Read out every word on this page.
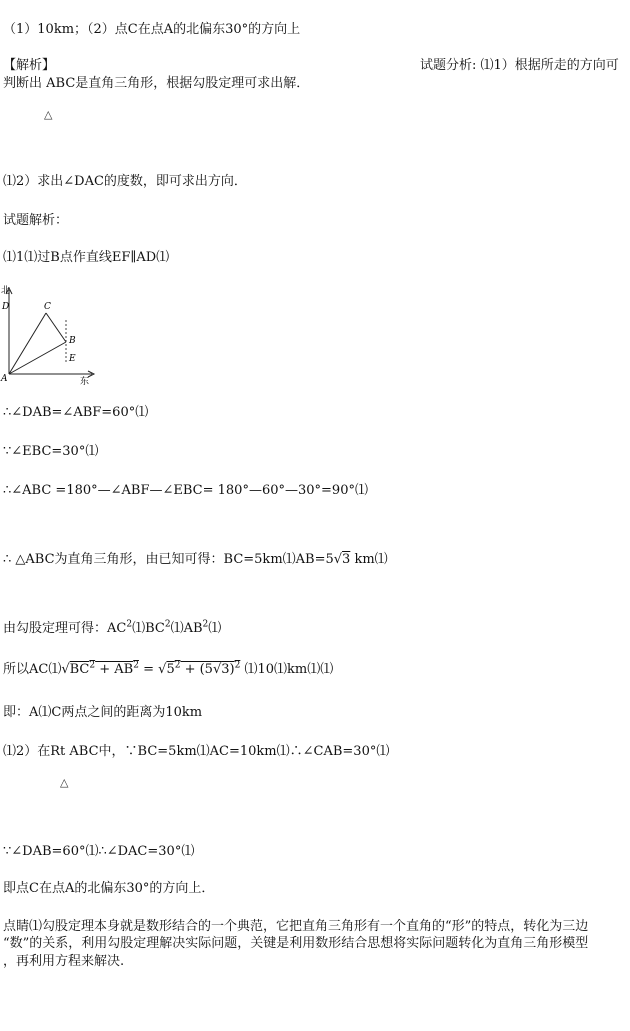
（1）10km；（2）点C在点A的北偏东30°的方向上
【解析】	试题分析: ⑴1）根据所走的方向可
判断出 ABC是直角三角形，根据勾股定理可求出解．
△
⑴2）求出∠DAC的度数，即可求出方向．
试题解析：
⑴1⑴过B点作直线EF∥AD⑴
北
D	C
B
E
A	东
∴∠DAB=∠ABF=60°⑴
∵∠EBC=30°⑴
∴∠ABC =180°—∠ABF—∠EBC= 180°—60°—30°=90°⑴
∴ △ABC为直角三角形，由已知可得：BC=5km⑴AB=5√3 km⑴
由勾股定理可得：$AC^2⑴BC^2⑴AB^2⑴$
所以$AC⑴√BC^2 + AB^2 = √5^2 + (5√3)^2$ ⑴10⑴km⑴⑴
即：A⑴C两点之间的距离为10km
⑴2）在Rt ABC中，∵BC=5km⑴AC=10km⑴∴∠CAB=30°⑴
△
∵∠DAB=60°⑴∴∠DAC=30°⑴
即点C在点A的北偏东30°的方向上．
点睛⑴勾股定理本身就是数形结合的一个典范，它把直角三角形有一个直角的“形”的特点，转化为三边
“数”的关系，利用勾股定理解决实际问题，关键是利用数形结合思想将实际问题转化为直角三角形模型
，再利用方程来解决.
